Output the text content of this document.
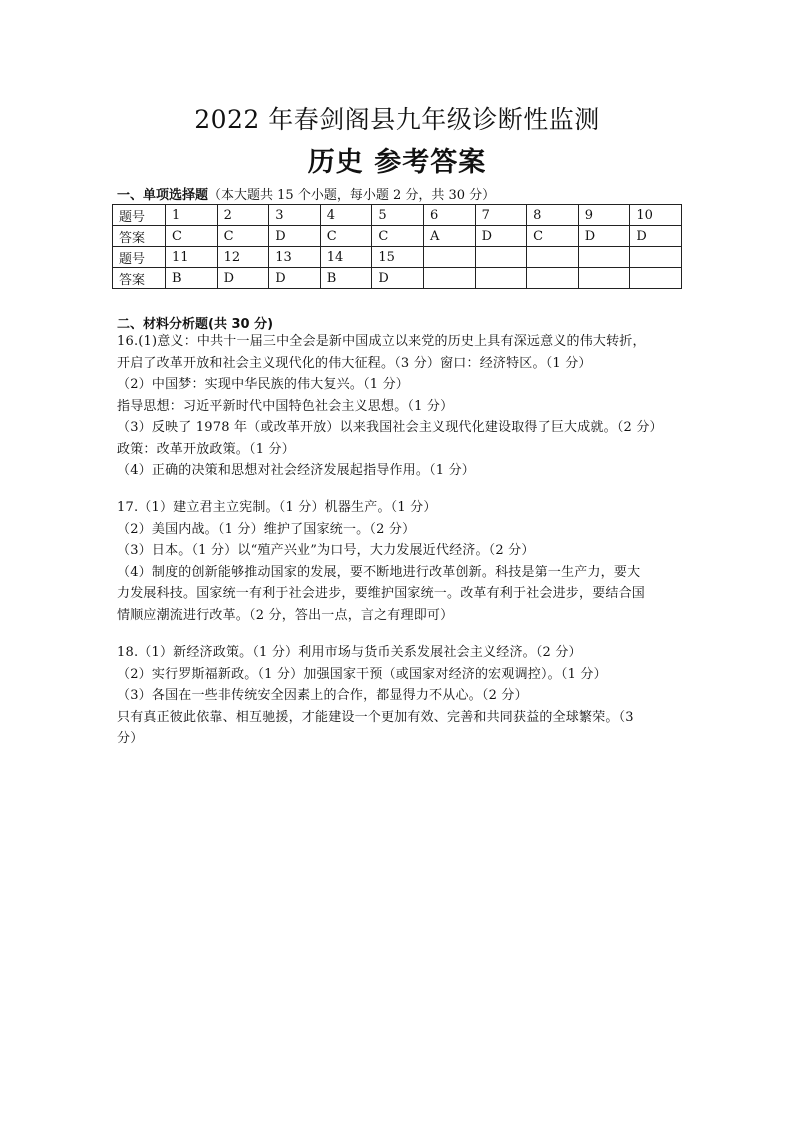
2022 年春剑阁县九年级诊断性监测
历史 参考答案
一、单项选择题（本大题共 15 个小题，每小题 2 分，共 30 分）
题号	1	2	3	4	5	6	7	8	9	10
答案	C	C	D	C	C	A	D	C	D	D
题号	11	12	13	14	15					
答案	B	D	D	B	D					
二、材料分析题(共 30 分)

16.(1)意义：中共十一届三中全会是新中国成立以来党的历史上具有深远意义的伟大转折，

开启了改革开放和社会主义现代化的伟大征程。（3 分）窗口：经济特区。（1 分）

（2）中国梦：实现中华民族的伟大复兴。（1 分）

指导思想：习近平新时代中国特色社会主义思想。（1 分）

（3）反映了 1978 年（或改革开放）以来我国社会主义现代化建设取得了巨大成就。（2 分）

政策：改革开放政策。（1 分）

（4）正确的决策和思想对社会经济发展起指导作用。（1 分）

17.（1）建立君主立宪制。（1 分）机器生产。（1 分）

（2）美国内战。（1 分）维护了国家统一。（2 分）

（3）日本。（1 分）以“殖产兴业”为口号，大力发展近代经济。（2 分）

（4）制度的创新能够推动国家的发展，要不断地进行改革创新。科技是第一生产力，要大

力发展科技。国家统一有利于社会进步，要维护国家统一。改革有利于社会进步，要结合国

情顺应潮流进行改革。（2 分，答出一点，言之有理即可）

18.（1）新经济政策。（1 分）利用市场与货币关系发展社会主义经济。（2 分）

（2）实行罗斯福新政。（1 分）加强国家干预（或国家对经济的宏观调控）。（1 分）

（3）各国在一些非传统安全因素上的合作，都显得力不从心。（2 分）

只有真正彼此依靠、相互驰援，才能建设一个更加有效、完善和共同获益的全球繁荣。（3

分）
